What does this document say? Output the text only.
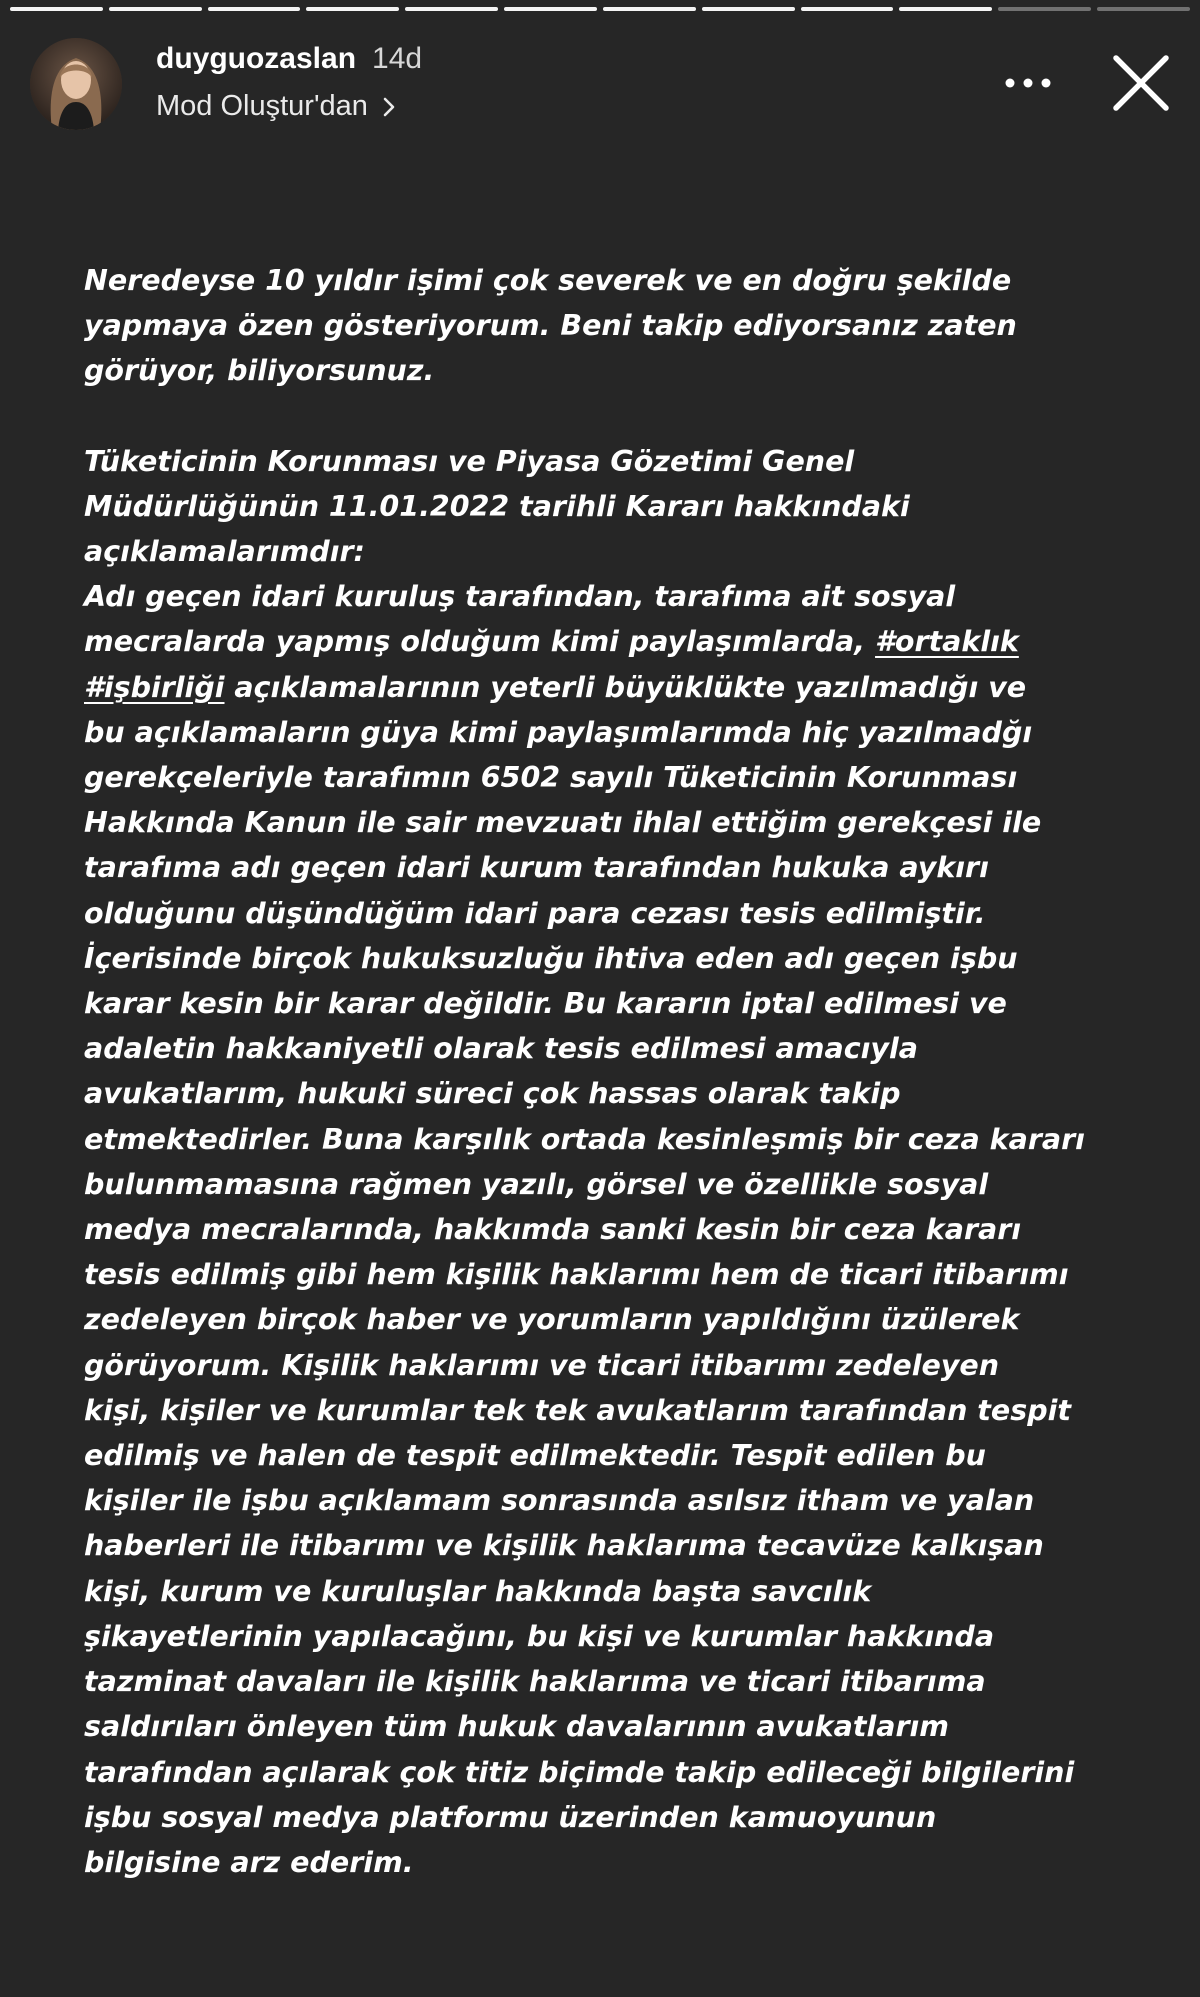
duyguozaslan 14d
Mod Oluştur'dan

Neredeyse 10 yıldır işimi çok severek ve en doğru şekilde

yapmaya özen gösteriyorum. Beni takip ediyorsanız zaten

görüyor, biliyorsunuz.

Tüketicinin Korunması ve Piyasa Gözetimi Genel

Müdürlüğünün 11.01.2022 tarihli Kararı hakkındaki

açıklamalarımdır:

Adı geçen idari kuruluş tarafından, tarafıma ait sosyal

mecralarda yapmış olduğum kimi paylaşımlarda, #ortaklık

#işbirliği açıklamalarının yeterli büyüklükte yazılmadığı ve

bu açıklamaların güya kimi paylaşımlarımda hiç yazılmadğı

gerekçeleriyle tarafımın 6502 sayılı Tüketicinin Korunması

Hakkında Kanun ile sair mevzuatı ihlal ettiğim gerekçesi ile

tarafıma adı geçen idari kurum tarafından hukuka aykırı

olduğunu düşündüğüm idari para cezası tesis edilmiştir.

İçerisinde birçok hukuksuzluğu ihtiva eden adı geçen işbu

karar kesin bir karar değildir. Bu kararın iptal edilmesi ve

adaletin hakkaniyetli olarak tesis edilmesi amacıyla

avukatlarım, hukuki süreci çok hassas olarak takip

etmektedirler. Buna karşılık ortada kesinleşmiş bir ceza kararı

bulunmamasına rağmen yazılı, görsel ve özellikle sosyal

medya mecralarında, hakkımda sanki kesin bir ceza kararı

tesis edilmiş gibi hem kişilik haklarımı hem de ticari itibarımı

zedeleyen birçok haber ve yorumların yapıldığını üzülerek

görüyorum. Kişilik haklarımı ve ticari itibarımı zedeleyen

kişi, kişiler ve kurumlar tek tek avukatlarım tarafından tespit

edilmiş ve halen de tespit edilmektedir. Tespit edilen bu

kişiler ile işbu açıklamam sonrasında asılsız itham ve yalan

haberleri ile itibarımı ve kişilik haklarıma tecavüze kalkışan

kişi, kurum ve kuruluşlar hakkında başta savcılık

şikayetlerinin yapılacağını, bu kişi ve kurumlar hakkında

tazminat davaları ile kişilik haklarıma ve ticari itibarıma

saldırıları önleyen tüm hukuk davalarının avukatlarım

tarafından açılarak çok titiz biçimde takip edileceği bilgilerini

işbu sosyal medya platformu üzerinden kamuoyunun

bilgisine arz ederim.
